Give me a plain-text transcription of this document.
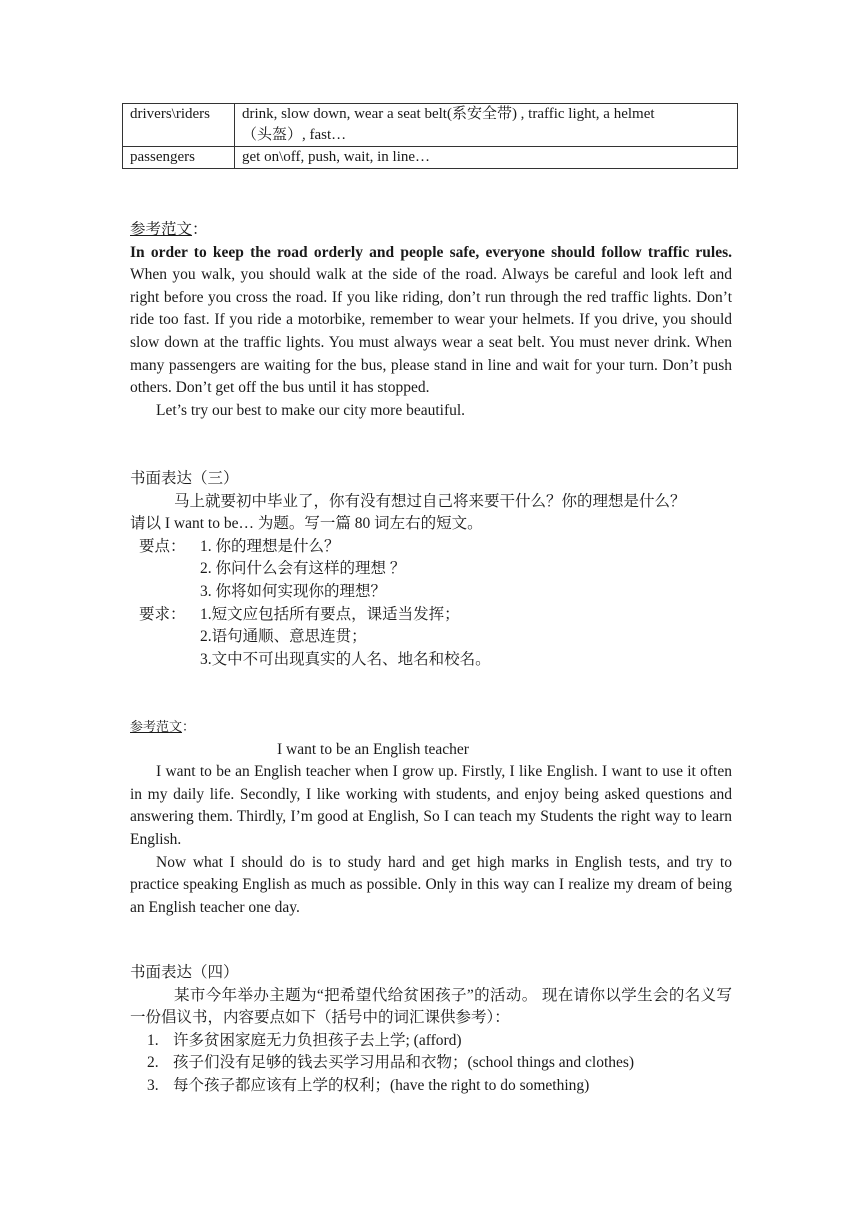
drivers\riders	drink, slow down, wear a seat belt(系安全带) , traffic light, a helmet
（头盔）, fast…

passengers	get on\off, push, wait, in line…
参考范文：
In order to keep the road orderly and people safe, everyone should follow traffic rules. When you walk, you should walk at the side of the road. Always be careful and look left and right before you cross the road. If you like riding, don’t run through the red traffic lights. Don’t ride too fast. If you ride a motorbike, remember to wear your helmets. If you drive, you should slow down at the traffic lights. You must always wear a seat belt. You must never drink. When many passengers are waiting for the bus, please stand in line and wait for your turn. Don’t push others. Don’t get off the bus until it has stopped.
Let’s try our best to make our city more beautiful.
书面表达（三）
马上就要初中毕业了，你有没有想过自己将来要干什么？你的理想是什么？
请以 I want to be… 为题。写一篇 80 词左右的短文。
要点： 1. 你的理想是什么？
2. 你问什么会有这样的理想 ？
3. 你将如何实现你的理想？
要求： 1.短文应包括所有要点，课适当发挥；
2.语句通顺、意思连贯；
3.文中不可出现真实的人名、地名和校名。
参考范文：
I want to be an English teacher
I want to be an English teacher when I grow up. Firstly, I like English. I want to use it often in my daily life. Secondly, I like working with students, and enjoy being asked questions and answering them. Thirdly, I’m good at English, So I can teach my Students the right way to learn English.
Now what I should do is to study hard and get high marks in English tests, and try to practice speaking English as much as possible. Only in this way can I realize my dream of being an English teacher one day.
书面表达（四）
某市今年举办主题为“把希望代给贫困孩子”的活动。 现在请你以学生会的名义写一份倡议书，内容要点如下（括号中的词汇课供参考）：
1. 许多贫困家庭无力负担孩子去上学; (afford)
2. 孩子们没有足够的钱去买学习用品和衣物；(school things and clothes)
3. 每个孩子都应该有上学的权利；(have the right to do something)
